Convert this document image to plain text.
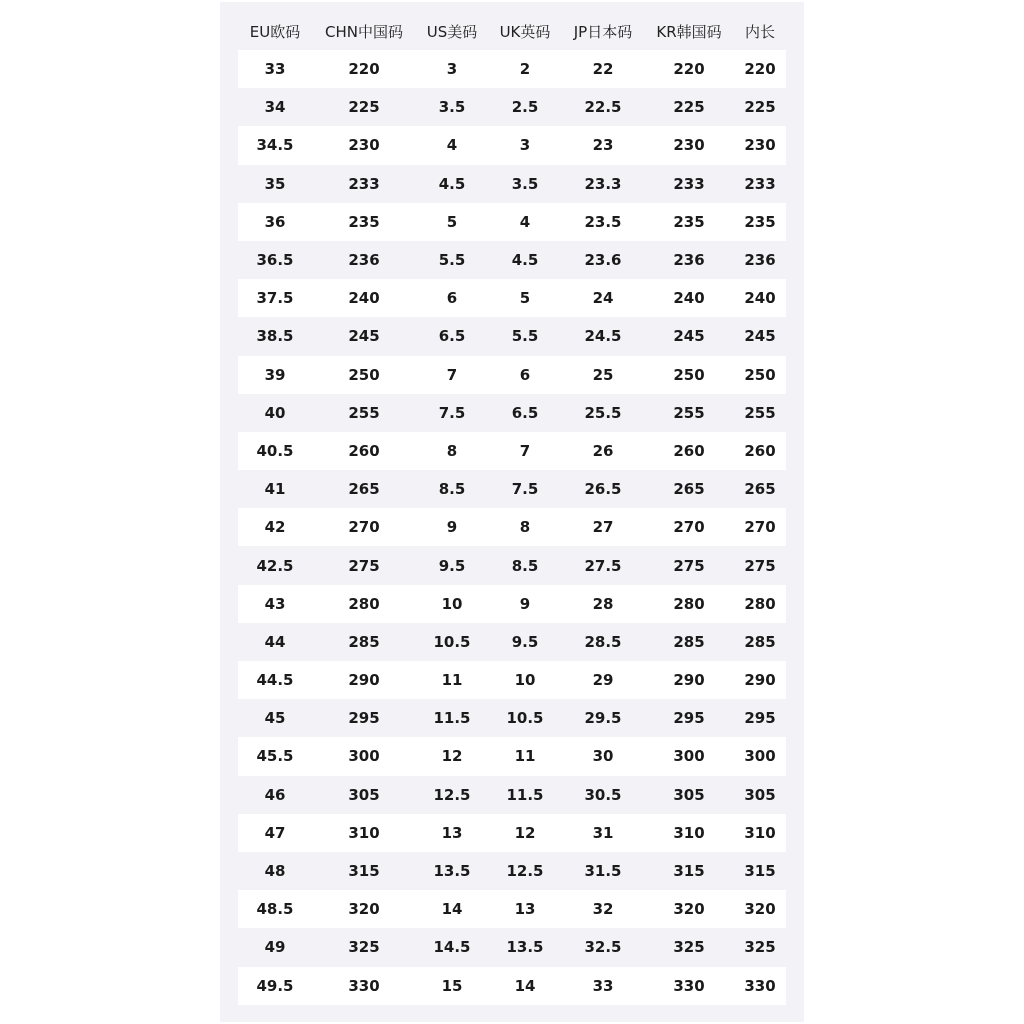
EU欧码	CHN中国码	US美码	UK英码	JP日本码	KR韩国码	内长
33	220	3	2	22	220	220
34	225	3.5	2.5	22.5	225	225
34.5	230	4	3	23	230	230
35	233	4.5	3.5	23.3	233	233
36	235	5	4	23.5	235	235
36.5	236	5.5	4.5	23.6	236	236
37.5	240	6	5	24	240	240
38.5	245	6.5	5.5	24.5	245	245
39	250	7	6	25	250	250
40	255	7.5	6.5	25.5	255	255
40.5	260	8	7	26	260	260
41	265	8.5	7.5	26.5	265	265
42	270	9	8	27	270	270
42.5	275	9.5	8.5	27.5	275	275
43	280	10	9	28	280	280
44	285	10.5	9.5	28.5	285	285
44.5	290	11	10	29	290	290
45	295	11.5	10.5	29.5	295	295
45.5	300	12	11	30	300	300
46	305	12.5	11.5	30.5	305	305
47	310	13	12	31	310	310
48	315	13.5	12.5	31.5	315	315
48.5	320	14	13	32	320	320
49	325	14.5	13.5	32.5	325	325
49.5	330	15	14	33	330	330
